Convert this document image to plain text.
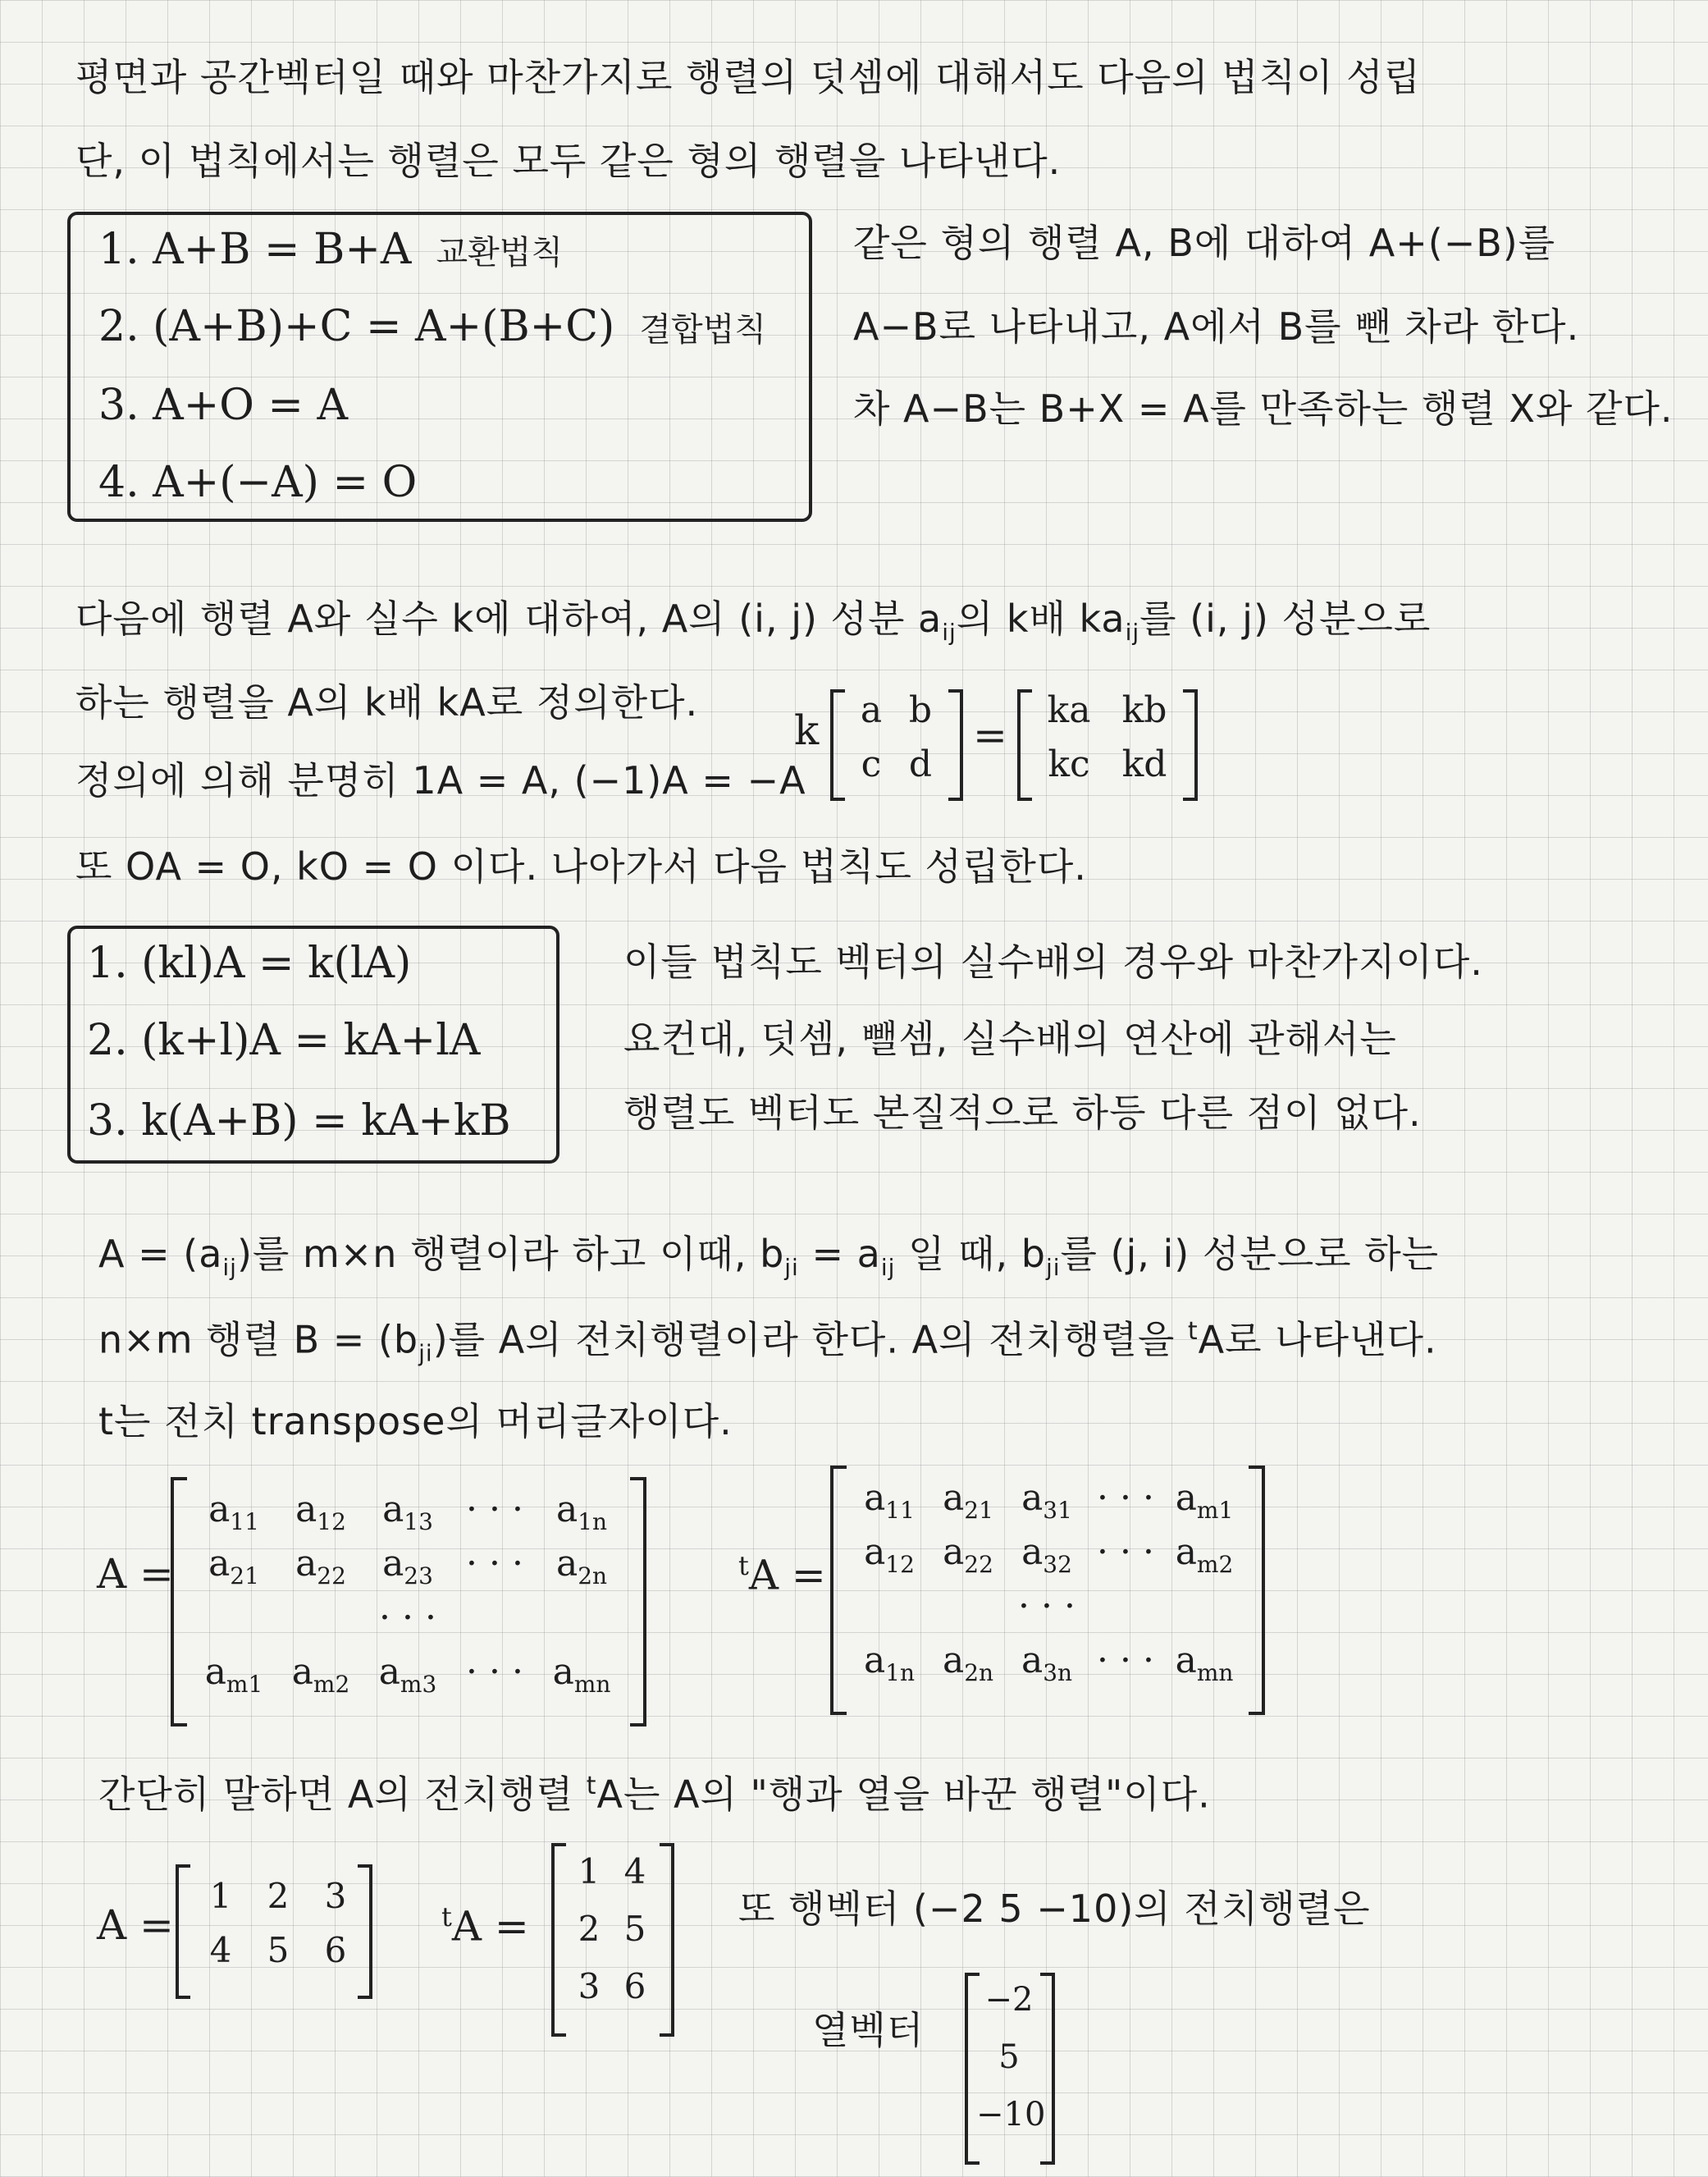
평면과 공간벡터일 때와 마찬가지로 행렬의 덧셈에 대해서도 다음의 법칙이 성립
단, 이 법칙에서는 행렬은 모두 같은 형의 행렬을 나타낸다.
1. A+B = B+A 교환법칙
2. (A+B)+C = A+(B+C) 결합법칙
3. A+O = A
4. A+(−A) = O
같은 형의 행렬 A, B에 대하여 A+(−B)를
A−B로 나타내고, A에서 B를 뺀 차라 한다.
차 A−B는 B+X = A를 만족하는 행렬 X와 같다.
다음에 행렬 A와 실수 k에 대하여, A의 (i, j) 성분 $a_{ij}$의 k배 $ka_{ij}$를 (i, j) 성분으로
하는 행렬을 A의 k배 kA로 정의한다.
정의에 의해 분명히 1A = A, (−1)A = −A
또 OA = O, kO = O 이다. 나아가서 다음 법칙도 성립한다.
k	a b
c d
=
ka kb
kc kd
1. (kl)A = k(lA)
2. (k+l)A = kA+lA
3. k(A+B) = kA+kB
이들 법칙도 벡터의 실수배의 경우와 마찬가지이다.
요컨대, 덧셈, 뺄셈, 실수배의 연산에 관해서는
행렬도 벡터도 본질적으로 하등 다른 점이 없다.
$A = (a_{ij})$를 m×n 행렬이라 하고 이때, $b_{ji} = a_{ij}$ 일 때, $b_{ji}$를 (j, i) 성분으로 하는
n×m 행렬 $B = (b_{ji})$를 A의 전치행렬이라 한다. A의 전치행렬을 $^t$A로 나타낸다.
t는 전치 transpose의 머리글자이다.
A =
$a_{11}$	$a_{12}$	$a_{13}$ · · · $a_{1n}$
$a_{21}$	$a_{22}$	$a_{23}$ · · · $a_{2n}$
· · ·
$a_{m1}$ $a_{m2}$ $a_{m3}$ · · · $a_{mn}$
$^t$A =
$a_{11}$ $a_{21}$ $a_{31}$ · · · $a_{m1}$
$a_{12}$ $a_{22}$ $a_{32}$ · · · $a_{m2}$
· · ·
$a_{1n}$ $a_{2n}$ $a_{3n}$ · · · $a_{mn}$
간단히 말하면 A의 전치행렬 $^t$A는 A의 "행과 열을 바꾼 행렬"이다.
A =
1	2	3
4	5	6
$^t$A =
1 4
2 5
3 6
또 행벡터 (−2 5 −10)의 전치행렬은
열벡터
−2
5
−10
